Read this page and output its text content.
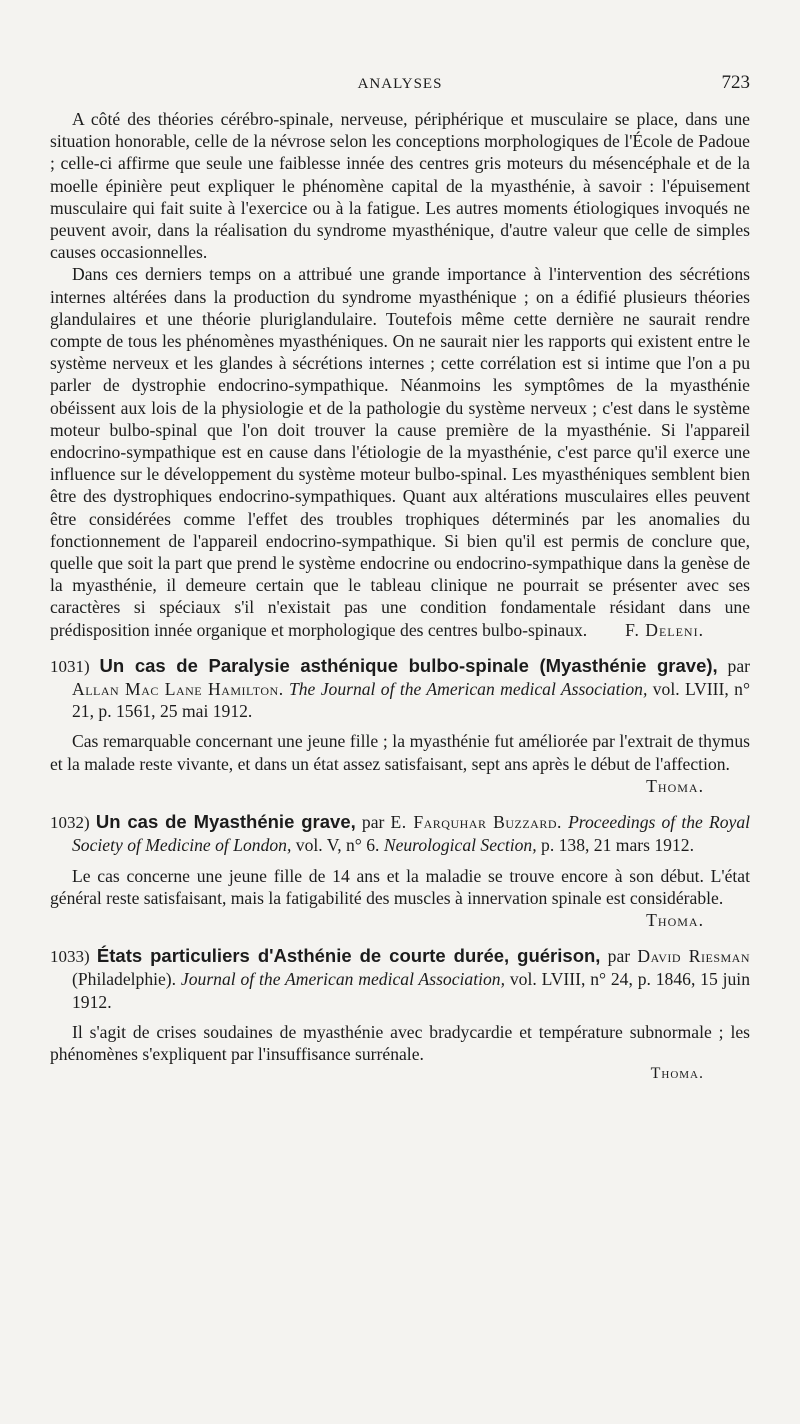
ANALYSES	723

A côté des théories cérébro-spinale, nerveuse, périphérique et musculaire se place, dans une situation honorable, celle de la névrose selon les conceptions morphologiques de l'École de Padoue ; celle-ci affirme que seule une faiblesse innée des centres gris moteurs du mésencéphale et de la moelle épinière peut expliquer le phénomène capital de la myasthénie, à savoir : l'épuisement musculaire qui fait suite à l'exercice ou à la fatigue. Les autres moments étiologiques invoqués ne peuvent avoir, dans la réalisation du syndrome myasthénique, d'autre valeur que celle de simples causes occasionnelles.

Dans ces derniers temps on a attribué une grande importance à l'intervention des sécrétions internes altérées dans la production du syndrome myasthénique ; on a édifié plusieurs théories glandulaires et une théorie pluriglandulaire. Toutefois même cette dernière ne saurait rendre compte de tous les phénomènes myasthéniques. On ne saurait nier les rapports qui existent entre le système nerveux et les glandes à sécrétions internes ; cette corrélation est si intime que l'on a pu parler de dystrophie endocrino-sympathique. Néanmoins les symptômes de la myasthénie obéissent aux lois de la physiologie et de la pathologie du système nerveux ; c'est dans le système moteur bulbo-spinal que l'on doit trouver la cause première de la myasthénie. Si l'appareil endocrino-sympathique est en cause dans l'étiologie de la myasthénie, c'est parce qu'il exerce une influence sur le développement du système moteur bulbo-spinal. Les myasthéniques semblent bien être des dystrophiques endocrino-sympathiques. Quant aux altérations musculaires elles peuvent être considérées comme l'effet des troubles trophiques déterminés par les anomalies du fonctionnement de l'appareil endocrino-sympathique. Si bien qu'il est permis de conclure que, quelle que soit la part que prend le système endocrine ou endocrino-sympathique dans la genèse de la myasthénie, il demeure certain que le tableau clinique ne pourrait se présenter avec ses caractères si spéciaux s'il n'existait pas une condition fondamentale résidant dans une prédisposition innée organique et morphologique des centres bulbo-spinaux.	F. Deleni.

1031) Un cas de Paralysie asthénique bulbo-spinale (Myasthénie grave), par Allan Mac Lane Hamilton. The Journal of the American medical Association, vol. LVIII, n° 21, p. 1561, 25 mai 1912.

Cas remarquable concernant une jeune fille ; la myasthénie fut améliorée par l'extrait de thymus et la malade reste vivante, et dans un état assez satisfaisant, sept ans après le début de l'affection.
Thoma.

1032) Un cas de Myasthénie grave, par E. Farquhar Buzzard. Proceedings of the Royal Society of Medicine of London, vol. V, n° 6. Neurological Section, p. 138, 21 mars 1912.

Le cas concerne une jeune fille de 14 ans et la maladie se trouve encore à son début. L'état général reste satisfaisant, mais la fatigabilité des muscles à innervation spinale est considérable.
Thoma.

1033) États particuliers d'Asthénie de courte durée, guérison, par David Riesman (Philadelphie). Journal of the American medical Association, vol. LVIII, n° 24, p. 1846, 15 juin 1912.

Il s'agit de crises soudaines de myasthénie avec bradycardie et température subnormale ; les phénomènes s'expliquent par l'insuffisance surrénale.

Thoma.
